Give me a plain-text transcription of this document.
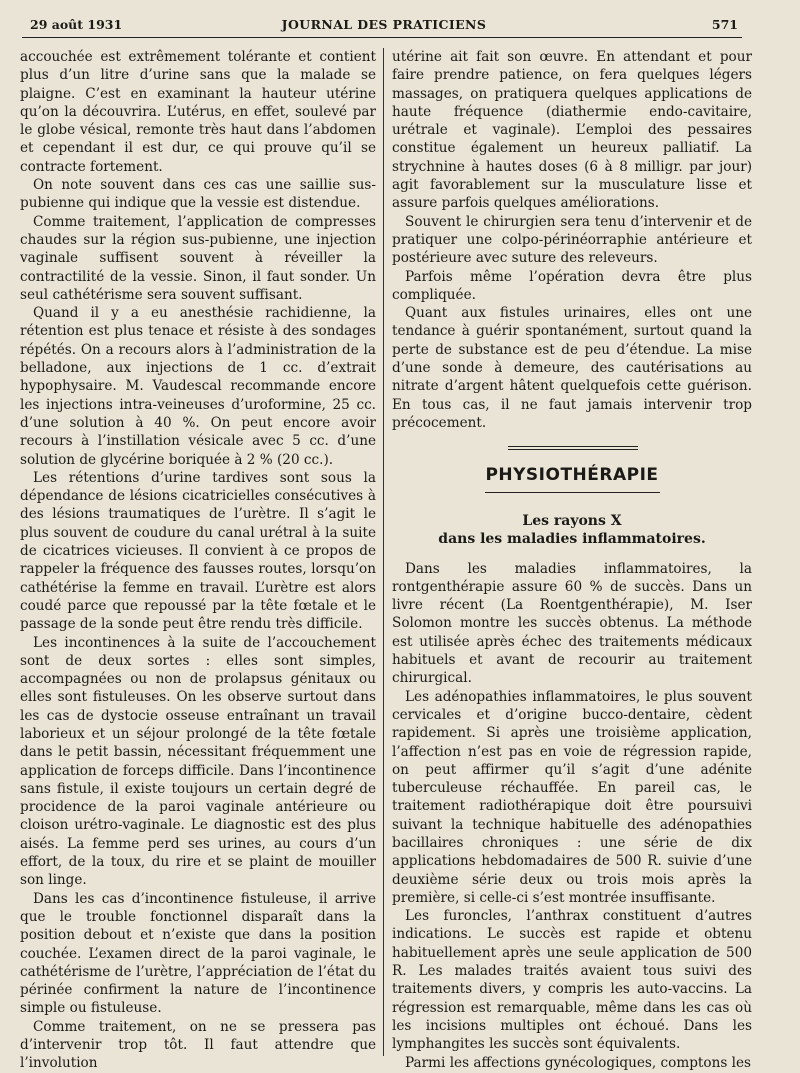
29 août 1931	JOURNAL DES PRATICIENS	571

accouchée est extrêmement tolérante et contient plus d’un litre d’urine sans que la malade se plaigne. C’est en examinant la hauteur utérine qu’on la découvrira. L’utérus, en effet, soulevé par le globe vésical, remonte très haut dans l’abdomen et cependant il est dur, ce qui prouve qu’il se contracte fortement.

On note souvent dans ces cas une saillie sus-pubienne qui indique que la vessie est distendue.

Comme traitement, l’application de compresses chaudes sur la région sus-pubienne, une injection vaginale suffisent souvent à réveiller la contractilité de la vessie. Sinon, il faut sonder. Un seul cathétérisme sera souvent suffisant.

Quand il y a eu anesthésie rachidienne, la rétention est plus tenace et résiste à des sondages répétés. On a recours alors à l’administration de la belladone, aux injections de 1 cc. d’extrait hypophysaire. M. Vaudescal recommande encore les injections intra-veineuses d’uroformine, 25 cc. d’une solution à 40 %. On peut encore avoir recours à l’instillation vésicale avec 5 cc. d’une solution de glycérine boriquée à 2 % (20 cc.).

Les rétentions d’urine tardives sont sous la dépendance de lésions cicatricielles consécutives à des lésions traumatiques de l’urètre. Il s’agit le plus souvent de coudure du canal urétral à la suite de cicatrices vicieuses. Il convient à ce propos de rappeler la fréquence des fausses routes, lorsqu’on cathétérise la femme en travail. L’urètre est alors coudé parce que repoussé par la tête fœtale et le passage de la sonde peut être rendu très difficile.

Les incontinences à la suite de l’accouchement sont de deux sortes : elles sont simples, accompagnées ou non de prolapsus génitaux ou elles sont fistuleuses. On les observe surtout dans les cas de dystocie osseuse entraînant un travail laborieux et un séjour prolongé de la tête fœtale dans le petit bassin, nécessitant fréquemment une application de forceps difficile. Dans l’incontinence sans fistule, il existe toujours un certain degré de procidence de la paroi vaginale antérieure ou cloison urétro-vaginale. Le diagnostic est des plus aisés. La femme perd ses urines, au cours d’un effort, de la toux, du rire et se plaint de mouiller son linge.

Dans les cas d’incontinence fistuleuse, il arrive que le trouble fonctionnel disparaît dans la position debout et n’existe que dans la position couchée. L’examen direct de la paroi vaginale, le cathétérisme de l’urètre, l’appréciation de l’état du périnée confirment la nature de l’incontinence simple ou fistuleuse.

Comme traitement, on ne se pressera pas d’intervenir trop tôt. Il faut attendre que l’involution

utérine ait fait son œuvre. En attendant et pour faire prendre patience, on fera quelques légers massages, on pratiquera quelques applications de haute fréquence (diathermie endo-cavitaire, urétrale et vaginale). L’emploi des pessaires constitue également un heureux palliatif. La strychnine à hautes doses (6 à 8 milligr. par jour) agit favorablement sur la musculature lisse et assure parfois quelques améliorations.

Souvent le chirurgien sera tenu d’intervenir et de pratiquer une colpo-périnéorraphie antérieure et postérieure avec suture des releveurs.

Parfois même l’opération devra être plus compliquée.

Quant aux fistules urinaires, elles ont une tendance à guérir spontanément, surtout quand la perte de substance est de peu d’étendue. La mise d’une sonde à demeure, des cautérisations au nitrate d’argent hâtent quelquefois cette guérison. En tous cas, il ne faut jamais intervenir trop précocement.

PHYSIOTHÉRAPIE
Les rayons X

dans les maladies inflammatoires.

Dans les maladies inflammatoires, la rontgenthérapie assure 60 % de succès. Dans un livre récent (La Roentgenthérapie), M. Iser Solomon montre les succès obtenus. La méthode est utilisée après échec des traitements médicaux habituels et avant de recourir au traitement chirurgical.

Les adénopathies inflammatoires, le plus souvent cervicales et d’origine bucco-dentaire, cèdent rapidement. Si après une troisième application, l’affection n’est pas en voie de régression rapide, on peut affirmer qu’il s’agit d’une adénite tuberculeuse réchauffée. En pareil cas, le traitement radiothérapique doit être poursuivi suivant la technique habituelle des adénopathies bacillaires chroniques : une série de dix applications hebdomadaires de 500 R. suivie d’une deuxième série deux ou trois mois après la première, si celle-ci s’est montrée insuffisante.

Les furoncles, l’anthrax constituent d’autres indications. Le succès est rapide et obtenu habituellement après une seule application de 500 R. Les malades traités avaient tous suivi des traitements divers, y compris les auto-vaccins. La régression est remarquable, même dans les cas où les incisions multiples ont échoué. Dans les lymphangites les succès sont équivalents.

Parmi les affections gynécologiques, comptons les
